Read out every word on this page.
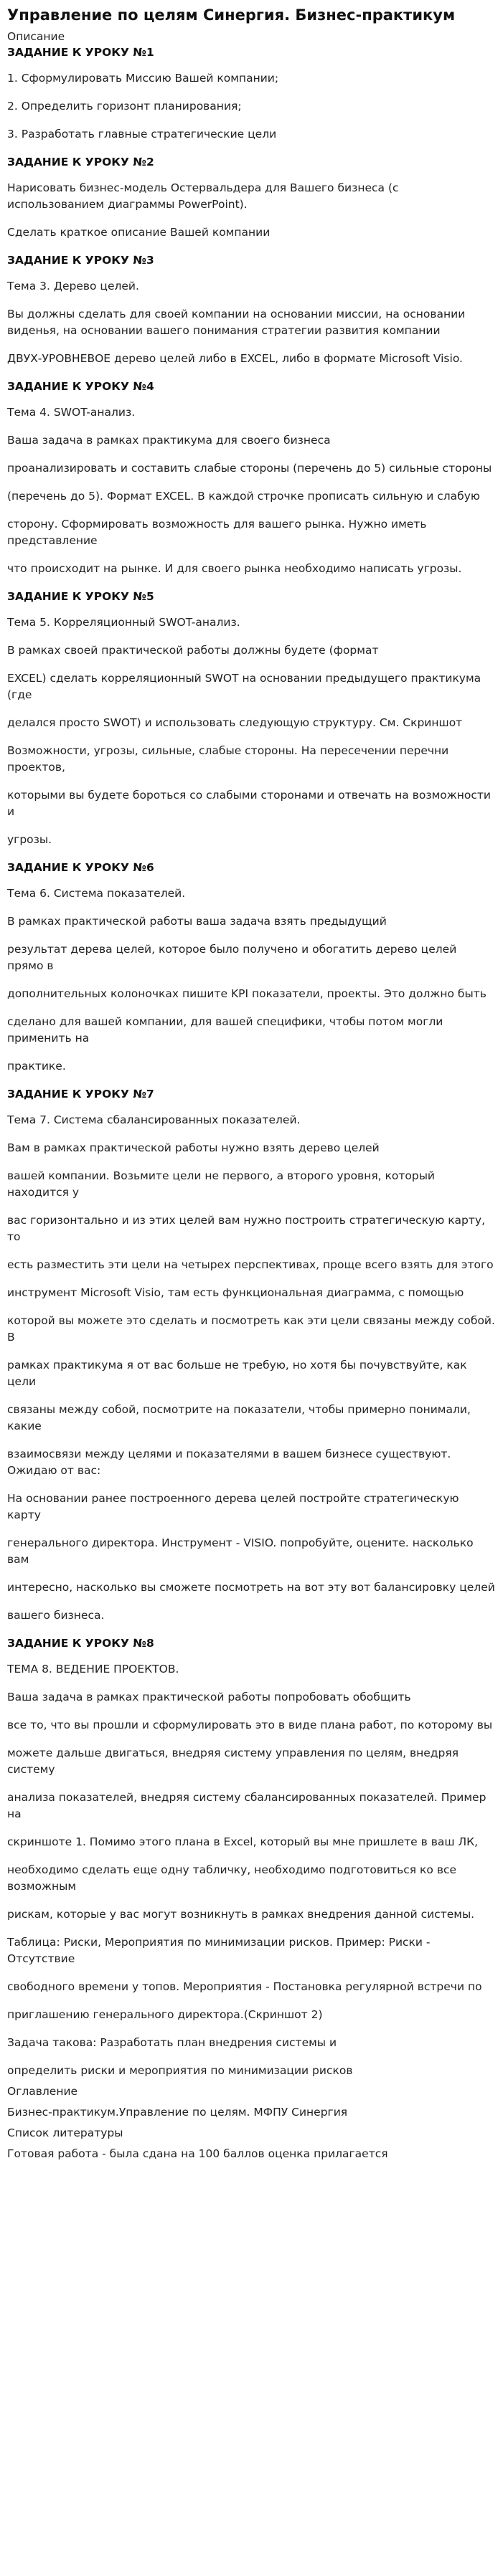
Управление по целям Синергия. Бизнес-практикум
Описание
ЗАДАНИЕ К УРОКУ №1
1. Сформулировать Миссию Вашей компании;
2. Определить горизонт планирования;
3. Разработать главные стратегические цели
ЗАДАНИЕ К УРОКУ №2
Нарисовать бизнес-модель Остервальдера для Вашего бизнеса (с использованием диаграммы PowerPoint).
Сделать краткое описание Вашей компании
ЗАДАНИЕ К УРОКУ №3
Тема 3. Дерево целей.
Вы должны сделать для своей компании на основании миссии, на основании виденья, на основании вашего понимания стратегии развития компании
ДВУХ-УРОВНЕВОЕ дерево целей либо в EXCEL, либо в формате Microsoft Visio.
ЗАДАНИЕ К УРОКУ №4
Тема 4. SWOT-анализ.
Ваша задача в рамках практикума для своего бизнеса
проанализировать и составить слабые стороны (перечень до 5) сильные стороны
(перечень до 5). Формат EXCEL. В каждой строчке прописать сильную и слабую
сторону. Сформировать возможность для вашего рынка. Нужно иметь представление
что происходит на рынке. И для своего рынка необходимо написать угрозы.
ЗАДАНИЕ К УРОКУ №5
Тема 5. Корреляционный SWOT-анализ.
В рамках своей практической работы должны будете (формат
EXCEL) сделать корреляционный SWOT на основании предыдущего практикума (где
делался просто SWOT) и использовать следующую структуру. См. Скриншот
Возможности, угрозы, сильные, слабые стороны. На пересечении перечни проектов,
которыми вы будете бороться со слабыми сторонами и отвечать на возможности и
угрозы.
ЗАДАНИЕ К УРОКУ №6
Тема 6. Система показателей.
В рамках практической работы ваша задача взять предыдущий
результат дерева целей, которое было получено и обогатить дерево целей прямо в
дополнительных колоночках пишите KPI показатели, проекты. Это должно быть
сделано для вашей компании, для вашей специфики, чтобы потом могли применить на
практике.
ЗАДАНИЕ К УРОКУ №7
Тема 7. Система сбалансированных показателей.
Вам в рамках практической работы нужно взять дерево целей
вашей компании. Возьмите цели не первого, а второго уровня, который находится у
вас горизонтально и из этих целей вам нужно построить стратегическую карту, то
есть разместить эти цели на четырех перспективах, проще всего взять для этого
инструмент Microsoft Visio, там есть функциональная диаграмма, с помощью
которой вы можете это сделать и посмотреть как эти цели связаны между собой. В
рамках практикума я от вас больше не требую, но хотя бы почувствуйте, как цели
связаны между собой, посмотрите на показатели, чтобы примерно понимали, какие
взаимосвязи между целями и показателями в вашем бизнесе существуют. Ожидаю от вас:
На основании ранее построенного дерева целей постройте стратегическую карту
генерального директора. Инструмент - VISIO. попробуйте, оцените. насколько вам
интересно, насколько вы сможете посмотреть на вот эту вот балансировку целей
вашего бизнеса.
ЗАДАНИЕ К УРОКУ №8
ТЕМА 8. ВЕДЕНИЕ ПРОЕКТОВ.
Ваша задача в рамках практической работы попробовать обобщить
все то, что вы прошли и сформулировать это в виде плана работ, по которому вы
можете дальше двигаться, внедряя систему управления по целям, внедряя систему
анализа показателей, внедряя систему сбалансированных показателей. Пример на
скриншоте 1. Помимо этого плана в Excel, который вы мне пришлете в ваш ЛК,
необходимо сделать еще одну табличку, необходимо подготовиться ко все возможным
рискам, которые у вас могут возникнуть в рамках внедрения данной системы.
Таблица: Риски, Мероприятия по минимизации рисков. Пример: Риски - Отсутствие
свободного времени у топов. Мероприятия - Постановка регулярной встречи по
приглашению генерального директора.(Скриншот 2)
Задача такова: Разработать план внедрения системы и
определить риски и мероприятия по минимизации рисков
Оглавление
Бизнес-практикум.Управление по целям. МФПУ Синергия
Список литературы
Готовая работа - была сдана на 100 баллов оценка прилагается
